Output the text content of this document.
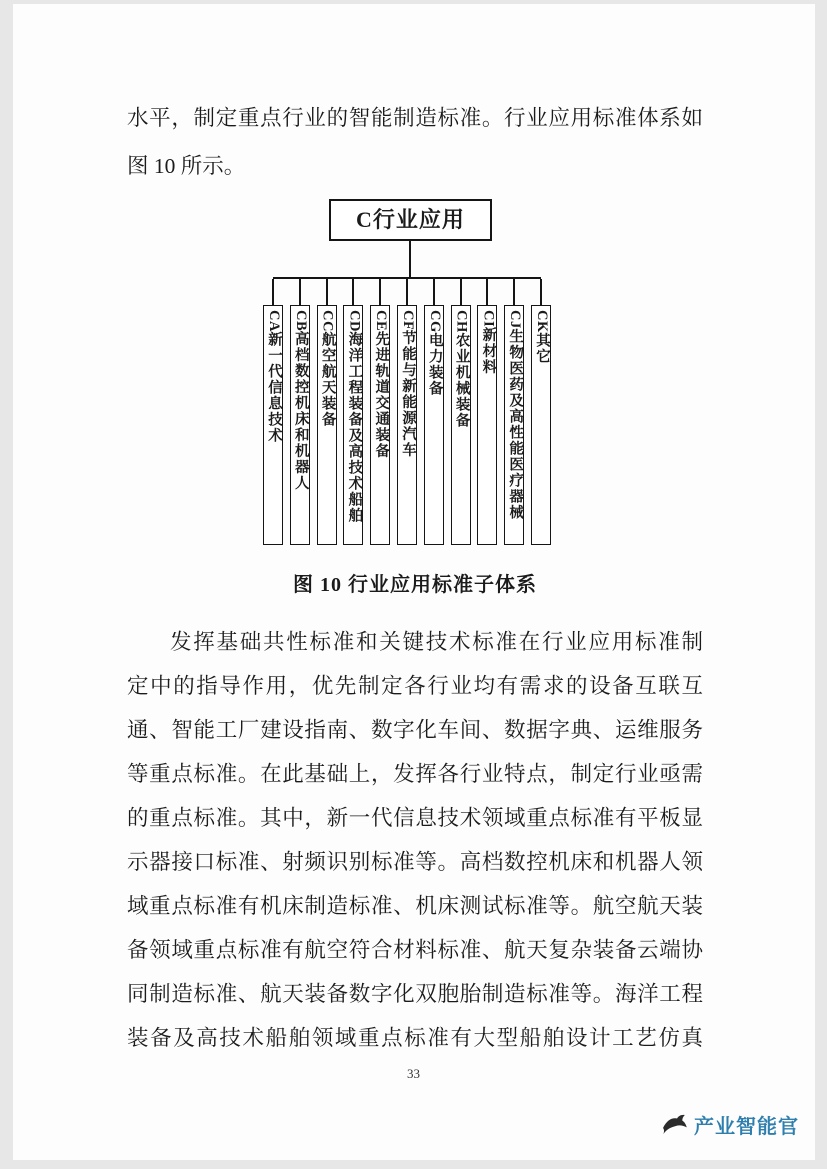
水平，制定重点行业的智能制造标准。行业应用标准体系如
图 10 所示。
C行业应用
CA新一代信息技术
CB高档数控机床和机器人
CC航空航天装备
CD海洋工程装备及高技术船舶
CE先进轨道交通装备
CF节能与新能源汽车
CG电力装备
CH农业机械装备
CI新材料
CJ生物医药及高性能医疗器械
CK其它
图 10 行业应用标准子体系
发挥基础共性标准和关键技术标准在行业应用标准制
定中的指导作用，优先制定各行业均有需求的设备互联互
通、智能工厂建设指南、数字化车间、数据字典、运维服务
等重点标准。在此基础上，发挥各行业特点，制定行业亟需
的重点标准。其中，新一代信息技术领域重点标准有平板显
示器接口标准、射频识别标准等。高档数控机床和机器人领
域重点标准有机床制造标准、机床测试标准等。航空航天装
备领域重点标准有航空符合材料标准、航天复杂装备云端协
同制造标准、航天装备数字化双胞胎制造标准等。海洋工程
装备及高技术船舶领域重点标准有大型船舶设计工艺仿真
33
产业智能官
